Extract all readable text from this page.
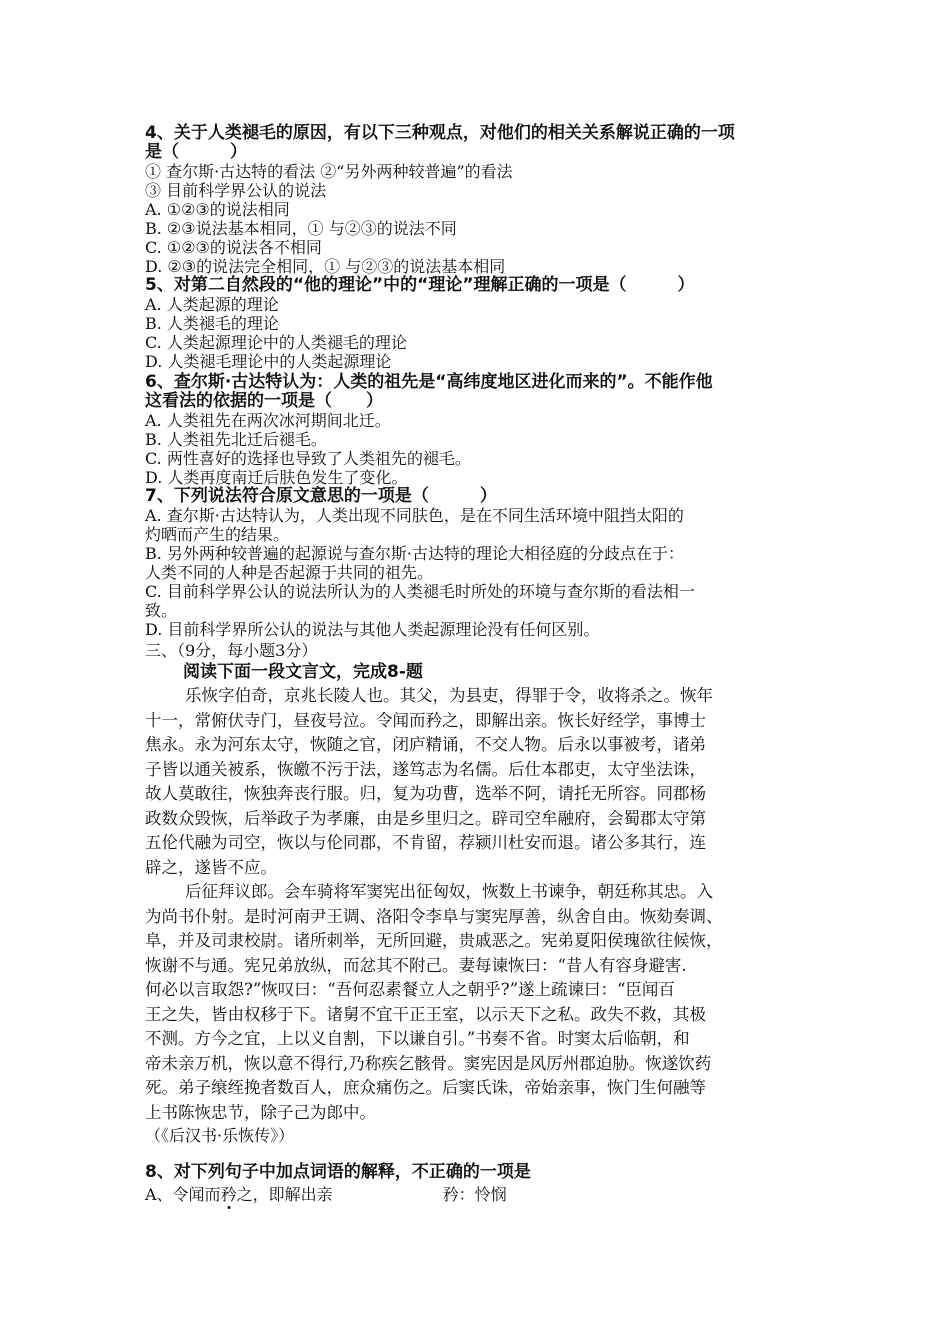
4、关于人类褪毛的原因，有以下三种观点，对他们的相关关系解说正确的一项

是（　　　）

① 查尔斯·古达特的看法 ②“另外两种较普遍”的看法

③ 目前科学界公认的说法

A. ①②③的说法相同

B. ②③说法基本相同，① 与②③的说法不同

C. ①②③的说法各不相同

D. ②③的说法完全相同，① 与②③的说法基本相同

5、对第二自然段的“他的理论”中的“理论”理解正确的一项是（　　　）

A. 人类起源的理论

B. 人类褪毛的理论

C. 人类起源理论中的人类褪毛的理论

D. 人类褪毛理论中的人类起源理论

6、查尔斯·古达特认为：人类的祖先是“高纬度地区进化而来的”。不能作他

这看法的依据的一项是（　　）

A. 人类祖先在两次冰河期间北迁。

B. 人类祖先北迁后褪毛。

C. 两性喜好的选择也导致了人类祖先的褪毛。

D. 人类再度南迁后肤色发生了变化。

7、下列说法符合原文意思的一项是（　　　）

A. 查尔斯·古达特认为，人类出现不同肤色，是在不同生活环境中阻挡太阳的

灼晒而产生的结果。

B. 另外两种较普遍的起源说与查尔斯·古达特的理论大相径庭的分歧点在于：

人类不同的人种是否起源于共同的祖先。

C. 目前科学界公认的说法所认为的人类褪毛时所处的环境与查尔斯的看法相一

致。

D. 目前科学界所公认的说法与其他人类起源理论没有任何区别。

三、（9分，每小题3分）

阅读下面一段文言文，完成8-题

乐恢字伯奇，京兆长陵人也。其父，为县吏，得罪于令，收将杀之。恢年
十一，常俯伏寺门，昼夜号泣。令闻而矜之，即解出亲。恢长好经学，事博士
焦永。永为河东太守，恢随之官，闭庐精诵，不交人物。后永以事被考，诸弟
子皆以通关被系，恢皦不污于法，遂笃志为名儒。后仕本郡吏，太守坐法诛，
故人莫敢往，恢独奔丧行服。归，复为功曹，选举不阿，请托无所容。同郡杨
政数众毁恢，后举政子为孝廉，由是乡里归之。辟司空牟融府，会蜀郡太守第
五伦代融为司空，恢以与伦同郡，不肯留，荐颍川杜安而退。诸公多其行，连
辟之，遂皆不应。

后征拜议郎。会车骑将军窦宪出征匈奴，恢数上书谏争，朝廷称其忠。入
为尚书仆射。是时河南尹王调、洛阳令李阜与窦宪厚善，纵舍自由。恢劾奏调、
阜，并及司隶校尉。诸所刺举，无所回避，贵戚恶之。宪弟夏阳侯瑰欲往候恢，
恢谢不与通。宪兄弟放纵，而忿其不附己。妻每谏恢曰：“昔人有容身避害.
何必以言取怨?”恢叹曰：“吾何忍素餐立人之朝乎?”遂上疏谏曰：“臣闻百
王之失，皆由权移于下。诸舅不宜干正王室，以示天下之私。政失不救，其极
不测。方今之宜，上以义自割，下以谦自引。”书奏不省。时窦太后临朝，和
帝未亲万机，恢以意不得行,乃称疾乞骸骨。窦宪因是风厉州郡迫胁。恢遂饮药
死。弟子缞绖挽者数百人，庶众痛伤之。后窦氏诛，帝始亲事，恢门生何融等
上书陈恢忠节，除子己为郎中。

（《后汉书·乐恢传》）

8、对下列句子中加点词语的解释，不正确的一项是

A、令闻而矜之，即解出亲	矜：怜悯
